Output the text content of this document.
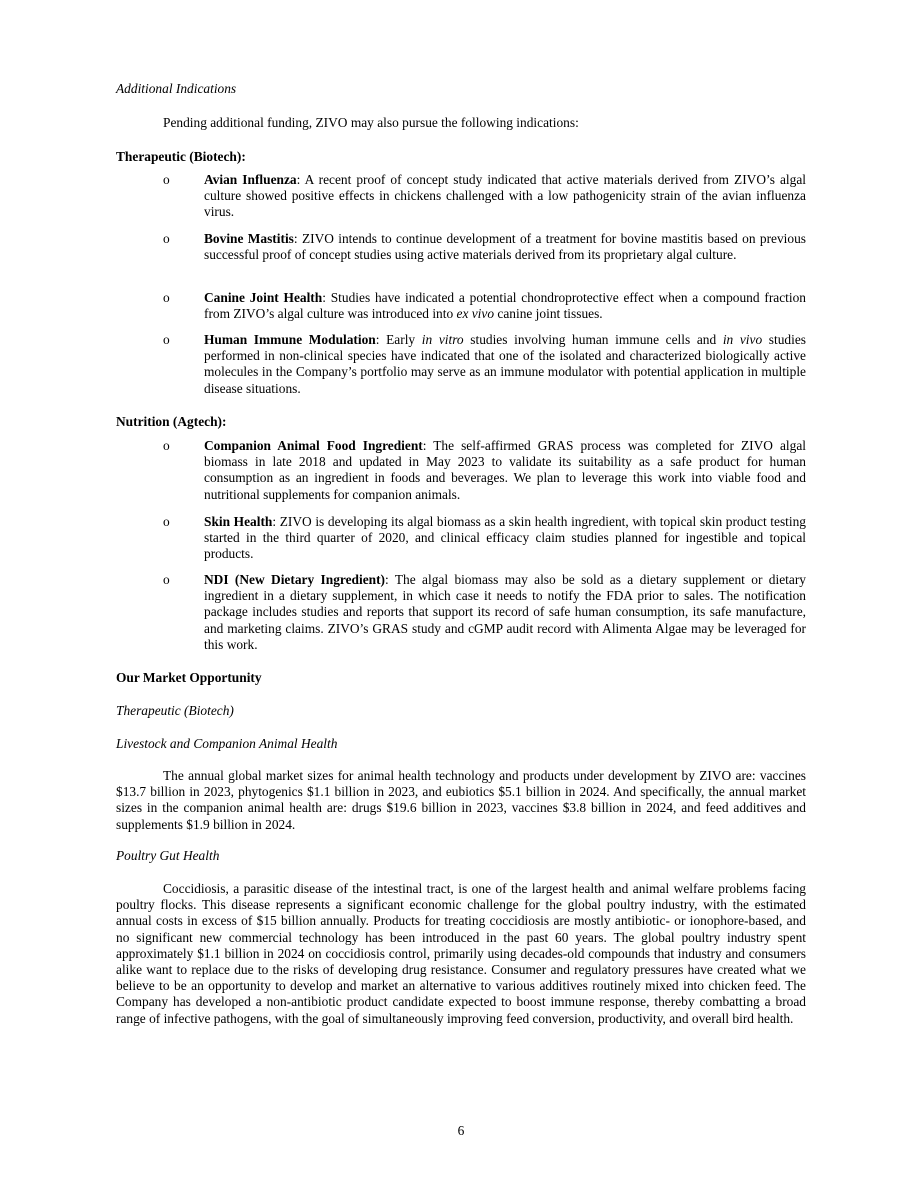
Additional Indications
Pending additional funding, ZIVO may also pursue the following indications:
Therapeutic (Biotech):
o	Avian Influenza: A recent proof of concept study indicated that active materials derived from ZIVO’s algal culture showed positive effects in chickens challenged with a low pathogenicity strain of the avian influenza virus.
o	Bovine Mastitis: ZIVO intends to continue development of a treatment for bovine mastitis based on previous successful proof of concept studies using active materials derived from its proprietary algal culture.
o	Canine Joint Health: Studies have indicated a potential chondroprotective effect when a compound fraction from ZIVO’s algal culture was introduced into ex vivo canine joint tissues.
o	Human Immune Modulation: Early in vitro studies involving human immune cells and in vivo studies performed in non-clinical species have indicated that one of the isolated and characterized biologically active molecules in the Company’s portfolio may serve as an immune modulator with potential application in multiple disease situations.
Nutrition (Agtech):
o	Companion Animal Food Ingredient: The self-affirmed GRAS process was completed for ZIVO algal biomass in late 2018 and updated in May 2023 to validate its suitability as a safe product for human consumption as an ingredient in foods and beverages. We plan to leverage this work into viable food and nutritional supplements for companion animals.
o	Skin Health: ZIVO is developing its algal biomass as a skin health ingredient, with topical skin product testing started in the third quarter of 2020, and clinical efficacy claim studies planned for ingestible and topical products.
o	NDI (New Dietary Ingredient): The algal biomass may also be sold as a dietary supplement or dietary ingredient in a dietary supplement, in which case it needs to notify the FDA prior to sales. The notification package includes studies and reports that support its record of safe human consumption, its safe manufacture, and marketing claims. ZIVO’s GRAS study and cGMP audit record with Alimenta Algae may be leveraged for this work.
Our Market Opportunity
Therapeutic (Biotech)
Livestock and Companion Animal Health
The annual global market sizes for animal health technology and products under development by ZIVO are: vaccines $13.7 billion in 2023, phytogenics $1.1 billion in 2023, and eubiotics $5.1 billion in 2024. And specifically, the annual market sizes in the companion animal health are: drugs $19.6 billion in 2023, vaccines $3.8 billion in 2024, and feed additives and supplements $1.9 billion in 2024.
Poultry Gut Health
Coccidiosis, a parasitic disease of the intestinal tract, is one of the largest health and animal welfare problems facing poultry flocks. This disease represents a significant economic challenge for the global poultry industry, with the estimated annual costs in excess of $15 billion annually. Products for treating coccidiosis are mostly antibiotic- or ionophore-based, and no significant new commercial technology has been introduced in the past 60 years. The global poultry industry spent approximately $1.1 billion in 2024 on coccidiosis control, primarily using decades-old compounds that industry and consumers alike want to replace due to the risks of developing drug resistance. Consumer and regulatory pressures have created what we believe to be an opportunity to develop and market an alternative to various additives routinely mixed into chicken feed. The Company has developed a non-antibiotic product candidate expected to boost immune response, thereby combatting a broad range of infective pathogens, with the goal of simultaneously improving feed conversion, productivity, and overall bird health.
6
